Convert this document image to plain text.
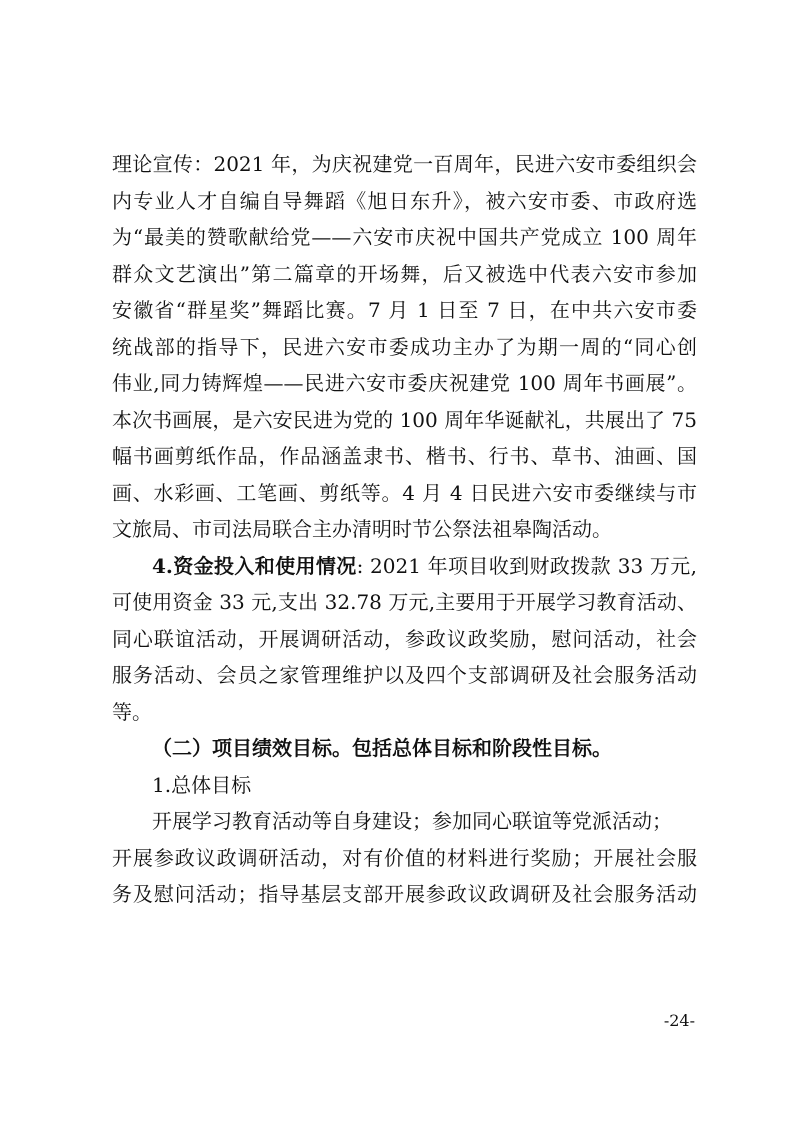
理论宣传：2021 年，为庆祝建党一百周年，民进六安市委组织会
内专业人才自编自导舞蹈《旭日东升》，被六安市委、市政府选
为“最美的赞歌献给党——六安市庆祝中国共产党成立 100 周年
群众文艺演出”第二篇章的开场舞，后又被选中代表六安市参加
安徽省“群星奖”舞蹈比赛。7 月 1 日至 7 日，在中共六安市委
统战部的指导下，民进六安市委成功主办了为期一周的“同心创
伟业,同力铸辉煌——民进六安市委庆祝建党 100 周年书画展”。
本次书画展，是六安民进为党的 100 周年华诞献礼，共展出了 75
幅书画剪纸作品，作品涵盖隶书、楷书、行书、草书、油画、国
画、水彩画、工笔画、剪纸等。4 月 4 日民进六安市委继续与市
文旅局、市司法局联合主办清明时节公祭法祖皋陶活动。
4.资金投入和使用情况: 2021 年项目收到财政拨款 33 万元,
可使用资金 33 元,支出 32.78 万元,主要用于开展学习教育活动、
同心联谊活动，开展调研活动，参政议政奖励，慰问活动，社会
服务活动、会员之家管理维护以及四个支部调研及社会服务活动
等。
（二）项目绩效目标。包括总体目标和阶段性目标。
1.总体目标
开展学习教育活动等自身建设；参加同心联谊等党派活动；
开展参政议政调研活动，对有价值的材料进行奖励；开展社会服
务及慰问活动；指导基层支部开展参政议政调研及社会服务活动
-24-
